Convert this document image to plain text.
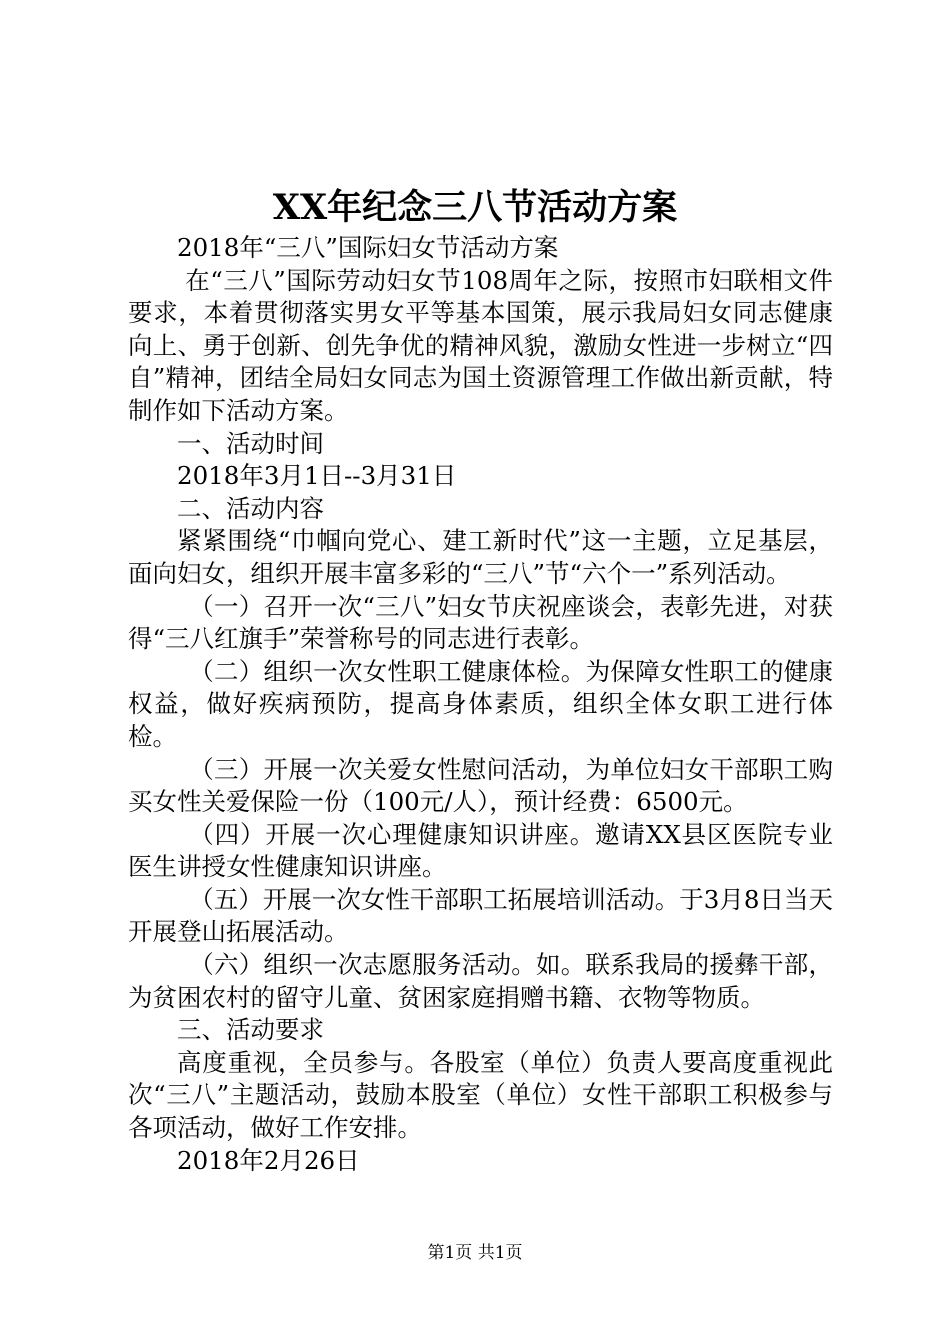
XX年纪念三八节活动方案

2018年“三八”国际妇女节活动方案

在“三八”国际劳动妇女节108周年之际，按照市妇联相文件要求，本着贯彻落实男女平等基本国策，展示我局妇女同志健康向上、勇于创新、创先争优的精神风貌，激励女性进一步树立“四自”精神，团结全局妇女同志为国土资源管理工作做出新贡献，特制作如下活动方案。

一、活动时间

2018年3月1日--3月31日

二、活动内容

紧紧围绕“巾帼向党心、建工新时代”这一主题，立足基层，面向妇女，组织开展丰富多彩的“三八”节“六个一”系列活动。

（一）召开一次“三八”妇女节庆祝座谈会，表彰先进，对获得“三八红旗手”荣誉称号的同志进行表彰。

（二）组织一次女性职工健康体检。为保障女性职工的健康权益，做好疾病预防，提高身体素质，组织全体女职工进行体检。

（三）开展一次关爱女性慰问活动，为单位妇女干部职工购买女性关爱保险一份（100元/人），预计经费：6500元。

（四）开展一次心理健康知识讲座。邀请XX县区医院专业医生讲授女性健康知识讲座。

（五）开展一次女性干部职工拓展培训活动。于3月8日当天开展登山拓展活动。

（六）组织一次志愿服务活动。如。联系我局的援彝干部，为贫困农村的留守儿童、贫困家庭捐赠书籍、衣物等物质。

三、活动要求

高度重视，全员参与。各股室（单位）负责人要高度重视此次“三八”主题活动，鼓励本股室（单位）女性干部职工积极参与各项活动，做好工作安排。

2018年2月26日

第1页 共1页
